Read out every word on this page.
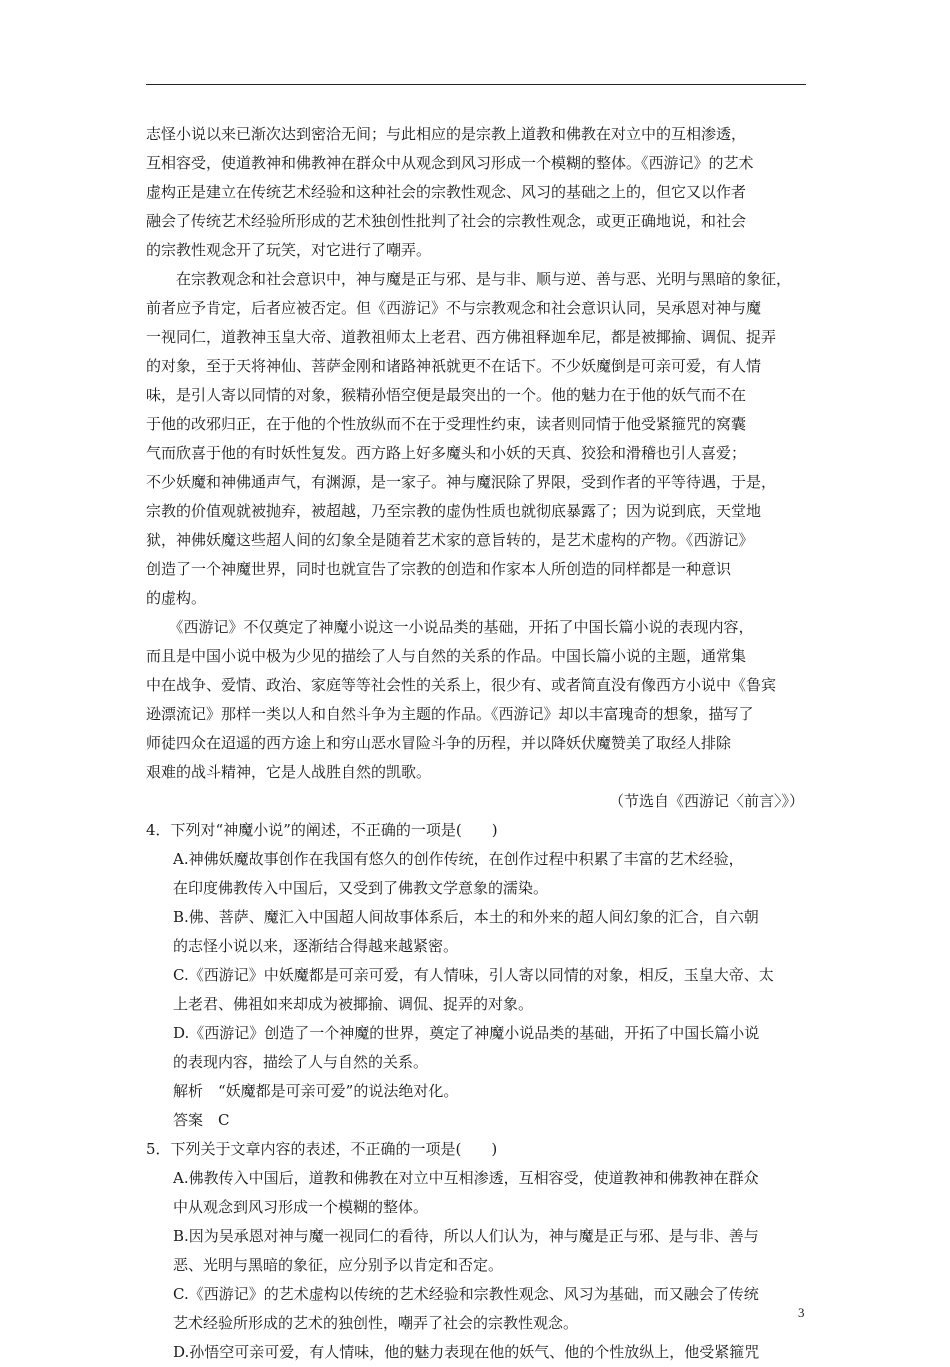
志怪小说以来已渐次达到密洽无间；与此相应的是宗教上道教和佛教在对立中的互相渗透，
互相容受，使道教神和佛教神在群众中从观念到风习形成一个模糊的整体。《西游记》的艺术
虚构正是建立在传统艺术经验和这种社会的宗教性观念、风习的基础之上的，但它又以作者
融会了传统艺术经验所形成的艺术独创性批判了社会的宗教性观念，或更正确地说，和社会
的宗教性观念开了玩笑，对它进行了嘲弄。
　　在宗教观念和社会意识中，神与魔是正与邪、是与非、顺与逆、善与恶、光明与黑暗的象征，
前者应予肯定，后者应被否定。但《西游记》不与宗教观念和社会意识认同，吴承恩对神与魔
一视同仁，道教神玉皇大帝、道教祖师太上老君、西方佛祖释迦牟尼，都是被揶揄、调侃、捉弄
的对象，至于天将神仙、菩萨金刚和诸路神祇就更不在话下。不少妖魔倒是可亲可爱，有人情
味，是引人寄以同情的对象，猴精孙悟空便是最突出的一个。他的魅力在于他的妖气而不在
于他的改邪归正，在于他的个性放纵而不在于受理性约束，读者则同情于他受紧箍咒的窝囊
气而欣喜于他的有时妖性复发。西方路上好多魔头和小妖的天真、狡狯和滑稽也引人喜爱；
不少妖魔和神佛通声气，有渊源，是一家子。神与魔泯除了界限，受到作者的平等待遇，于是，
宗教的价值观就被抛弃，被超越，乃至宗教的虚伪性质也就彻底暴露了；因为说到底，天堂地
狱，神佛妖魔这些超人间的幻象全是随着艺术家的意旨转的，是艺术虚构的产物。《西游记》
创造了一个神魔世界，同时也就宣告了宗教的创造和作家本人所创造的同样都是一种意识
的虚构。
　　《西游记》不仅奠定了神魔小说这一小说品类的基础，开拓了中国长篇小说的表现内容，
而且是中国小说中极为少见的描绘了人与自然的关系的作品。中国长篇小说的主题，通常集
中在战争、爱情、政治、家庭等等社会性的关系上，很少有、或者简直没有像西方小说中《鲁宾
逊漂流记》那样一类以人和自然斗争为主题的作品。《西游记》却以丰富瑰奇的想象，描写了
师徒四众在迢遥的西方途上和穷山恶水冒险斗争的历程，并以降妖伏魔赞美了取经人排除
艰难的战斗精神，它是人战胜自然的凯歌。
（节选自《西游记〈前言〉》）
4．下列对“神魔小说”的阐述，不正确的一项是(　　)
A.神佛妖魔故事创作在我国有悠久的创作传统，在创作过程中积累了丰富的艺术经验，
在印度佛教传入中国后，又受到了佛教文学意象的濡染。
B.佛、菩萨、魔汇入中国超人间故事体系后，本土的和外来的超人间幻象的汇合，自六朝
的志怪小说以来，逐渐结合得越来越紧密。
C.《西游记》中妖魔都是可亲可爱，有人情味，引人寄以同情的对象，相反，玉皇大帝、太
上老君、佛祖如来却成为被揶揄、调侃、捉弄的对象。
D.《西游记》创造了一个神魔的世界，奠定了神魔小说品类的基础，开拓了中国长篇小说
的表现内容，描绘了人与自然的关系。
解析　“妖魔都是可亲可爱”的说法绝对化。
答案　C
5．下列关于文章内容的表述，不正确的一项是(　　)
A.佛教传入中国后，道教和佛教在对立中互相渗透，互相容受，使道教神和佛教神在群众
中从观念到风习形成一个模糊的整体。
B.因为吴承恩对神与魔一视同仁的看待，所以人们认为，神与魔是正与邪、是与非、善与
恶、光明与黑暗的象征，应分别予以肯定和否定。
C.《西游记》的艺术虚构以传统的艺术经验和宗教性观念、风习为基础，而又融会了传统
艺术经验所形成的艺术的独创性，嘲弄了社会的宗教性观念。
D.孙悟空可亲可爱，有人情味，他的魅力表现在他的妖气、他的个性放纵上，他受紧箍咒
3
